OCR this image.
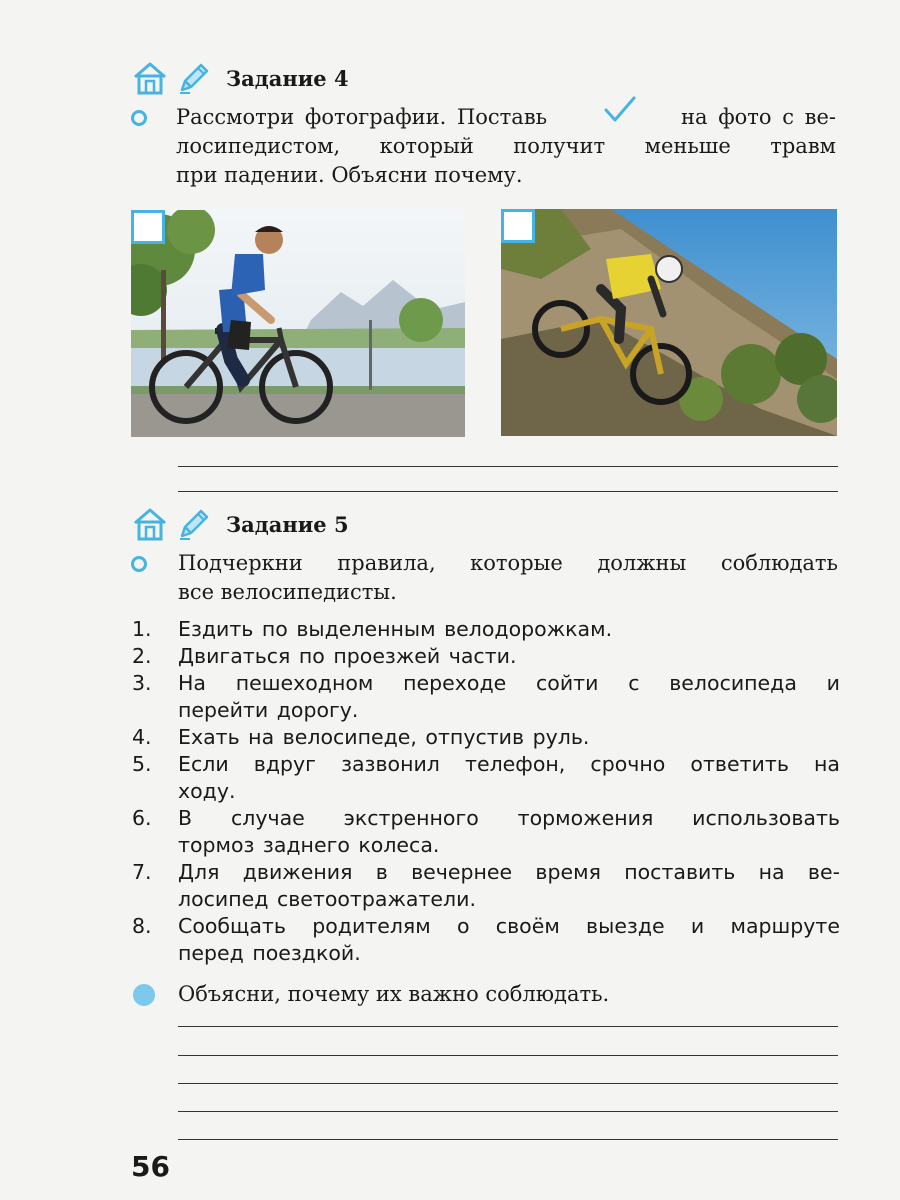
Задание 4
Рассмотри фотографии. Поставь	на фото с ве-
лосипедистом, который получит меньше травм
при падении. Объясни почему.
Задание 5
Подчеркни правила, которые должны соблюдать
все велосипедисты.
1.	Ездить по выделенным велодорожкам.
2.	Двигаться по проезжей части.
3.	На пешеходном переходе сойти с велосипеда и
перейти дорогу.
4.	Ехать на велосипеде, отпустив руль.
5.	Если вдруг зазвонил телефон, срочно ответить на
ходу.
6.	В случае экстренного торможения использовать
тормоз заднего колеса.
7.	Для движения в вечернее время поставить на ве-
лосипед светоотражатели.
8.	Сообщать родителям о своём выезде и маршруте
перед поездкой.
Объясни, почему их важно соблюдать.
56
